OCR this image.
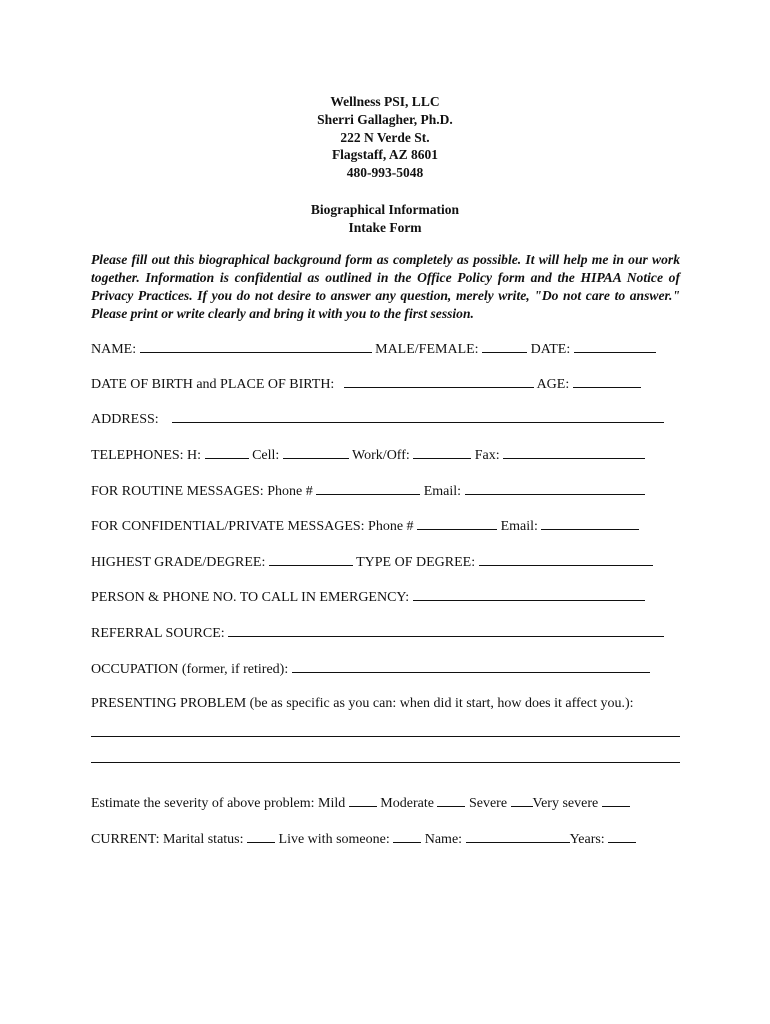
Wellness PSI, LLC
Sherri Gallagher, Ph.D.
222 N Verde St.
Flagstaff, AZ 8601
480-993-5048
Biographical Information
Intake Form
Please fill out this biographical background form as completely as possible. It will help me in our work together. Information is confidential as outlined in the Office Policy form and the HIPAA Notice of Privacy Practices. If you do not desire to answer any question, merely write, "Do not care to answer." Please print or write clearly and bring it with you to the first session.
NAME:	MALE/FEMALE:	DATE:
DATE OF BIRTH and PLACE OF BIRTH:	AGE:
ADDRESS:
TELEPHONES: H:	Cell:	Work/Off:	Fax:
FOR ROUTINE MESSAGES: Phone #	Email:
FOR CONFIDENTIAL/PRIVATE MESSAGES: Phone #	Email:
HIGHEST GRADE/DEGREE:	TYPE OF DEGREE:
PERSON & PHONE NO. TO CALL IN EMERGENCY:
REFERRAL SOURCE:
OCCUPATION (former, if retired):
PRESENTING PROBLEM (be as specific as you can: when did it start, how does it affect you.):
Estimate the severity of above problem: Mild	Moderate	Severe Very severe
CURRENT: Marital status:	Live with someone:	Name:	Years:
